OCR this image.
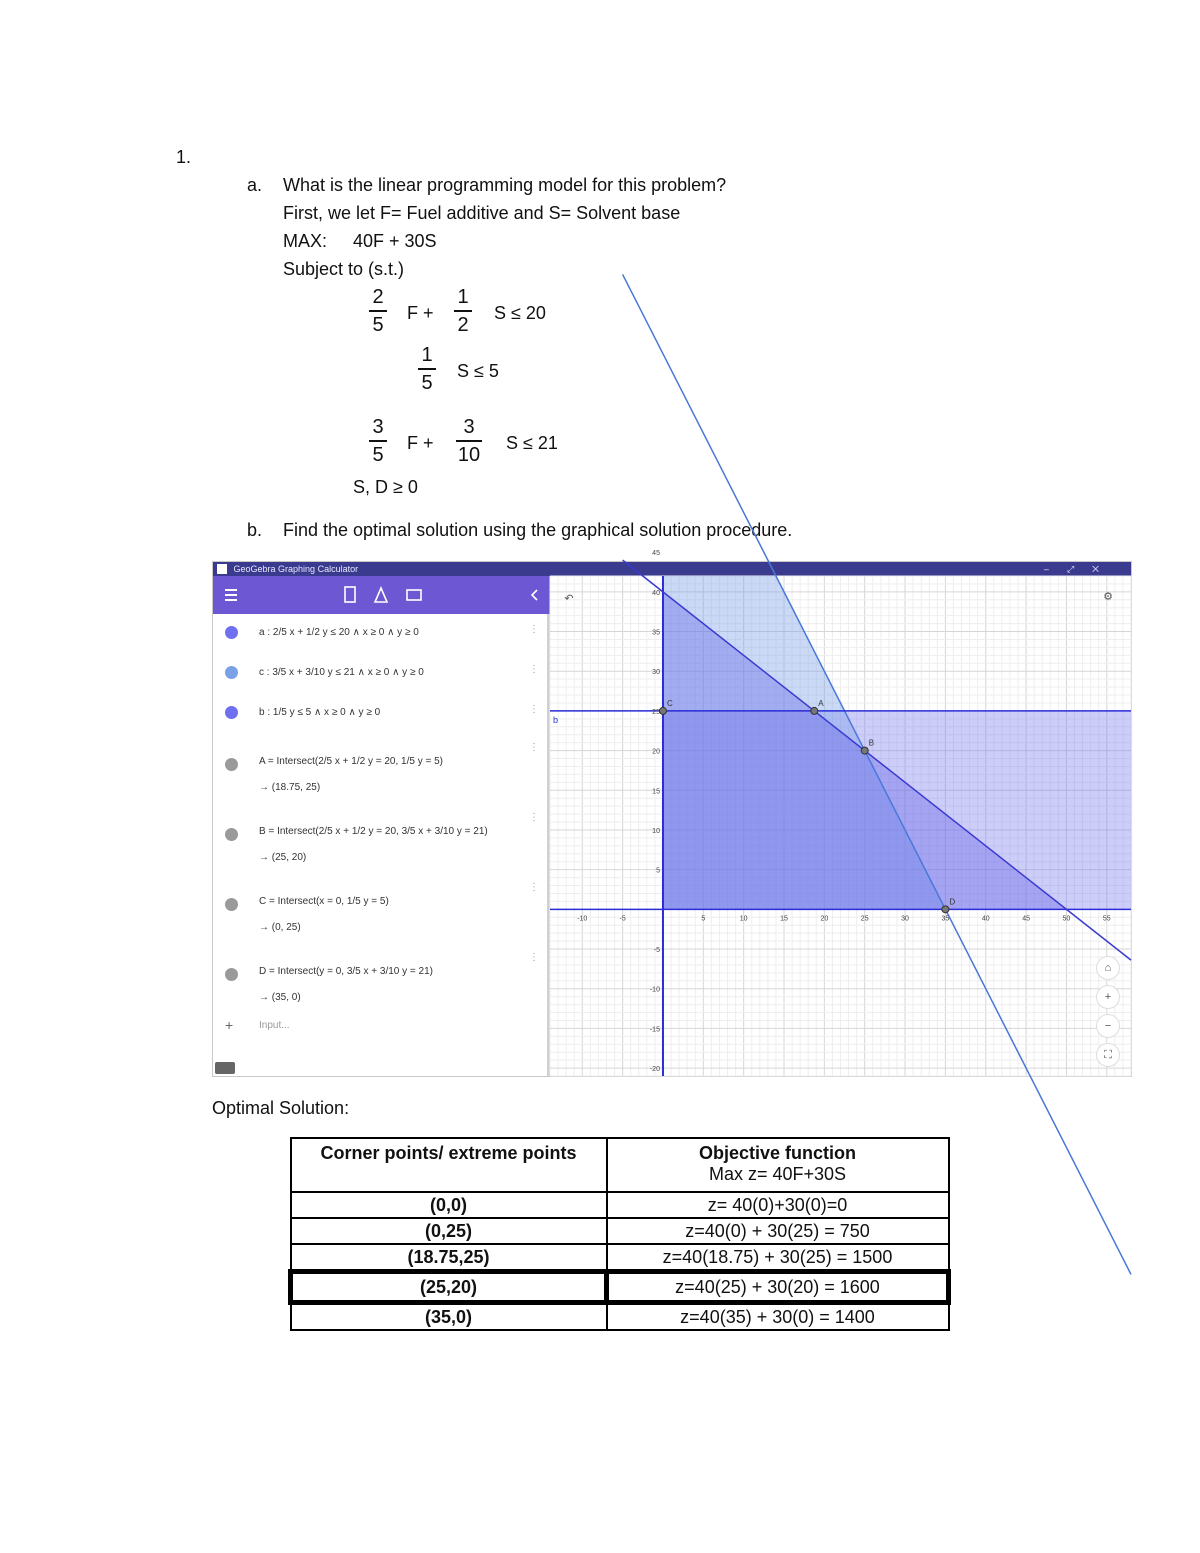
1.
a. What is the linear programming model for this problem?
First, we let F= Fuel additive and S= Solvent base
MAX: 40F + 30S
Subject to (s.t.)
2
5
F +
1
2
S ≤ 20
1
5
S ≤ 5
3
5
F +
3
10
S ≤ 21
S, D ≥ 0
b. Find the optimal solution using the graphical solution procedure.
GeoGebra Graphing Calculator	–⤢✕
a : 2/5 x + 1/2 y ≤ 20 ∧ x ≥ 0 ∧ y ≥ 0	⋮
c : 3/5 x + 3/10 y ≤ 21 ∧ x ≥ 0 ∧ y ≥ 0	⋮
b : 1/5 y ≤ 5 ∧ x ≥ 0 ∧ y ≥ 0	⋮
A = Intersect(2/5 x + 1/2 y = 20, 1/5 y = 5)
→ (18.75, 25)
⋮
B = Intersect(2/5 x + 1/2 y = 20, 3/5 x + 3/10 y = 21)
→ (25, 20)
⋮
C = Intersect(x = 0, 1/5 y = 5)
→ (0, 25)
⋮
D = Intersect(y = 0, 3/5 x + 3/10 y = 21)
→ (35, 0)
⋮
+	Input...
b
-10	-5	5	10	15	20	25	30	35	40	45	50	55
45
40
35
30
25
20
15
10
5
-5
-10
-15
-20
A
B
C
D
↶	⚙
⌂
+
−
⛶
Optimal Solution:
Corner points/ extreme points	Objective function
Max z= 40F+30S

(0,0)	z= 40(0)+30(0)=0
(0,25)	z=40(0) + 30(25) = 750
(18.75,25)	z=40(18.75) + 30(25) = 1500
(25,20)	z=40(25) + 30(20) = 1600
(35,0)	z=40(35) + 30(0) = 1400
